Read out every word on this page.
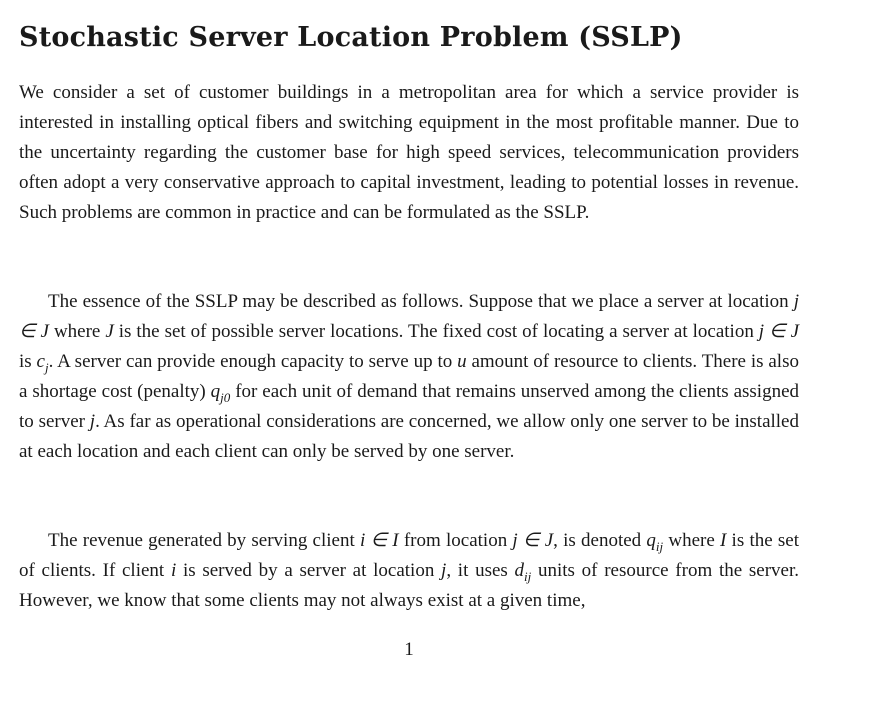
Stochastic Server Location Problem (SSLP)

We consider a set of customer buildings in a metropolitan area for which a service provider is interested in installing optical fibers and switching equipment in the most profitable manner. Due to the uncertainty regarding the customer base for high speed services, telecommunication providers often adopt a very conservative approach to capital investment, leading to potential losses in revenue. Such problems are common in practice and can be formulated as the SSLP.

The essence of the SSLP may be described as follows. Suppose that we place a server at location j ∈ J where J is the set of possible server locations. The fixed cost of locating a server at location j ∈ J is $c_j$. A server can provide enough capacity to serve up to u amount of resource to clients. There is also a shortage cost (penalty) $q_{j0}$ for each unit of demand that remains unserved among the clients assigned to server j. As far as operational considerations are concerned, we allow only one server to be installed at each location and each client can only be served by one server.

The revenue generated by serving client i ∈ I from location j ∈ J, is denoted $q_{ij}$ where I is the set of clients. If client i is served by a server at location j, it uses $d_{ij}$ units of resource from the server. However, we know that some clients may not always exist at a given time,

1
